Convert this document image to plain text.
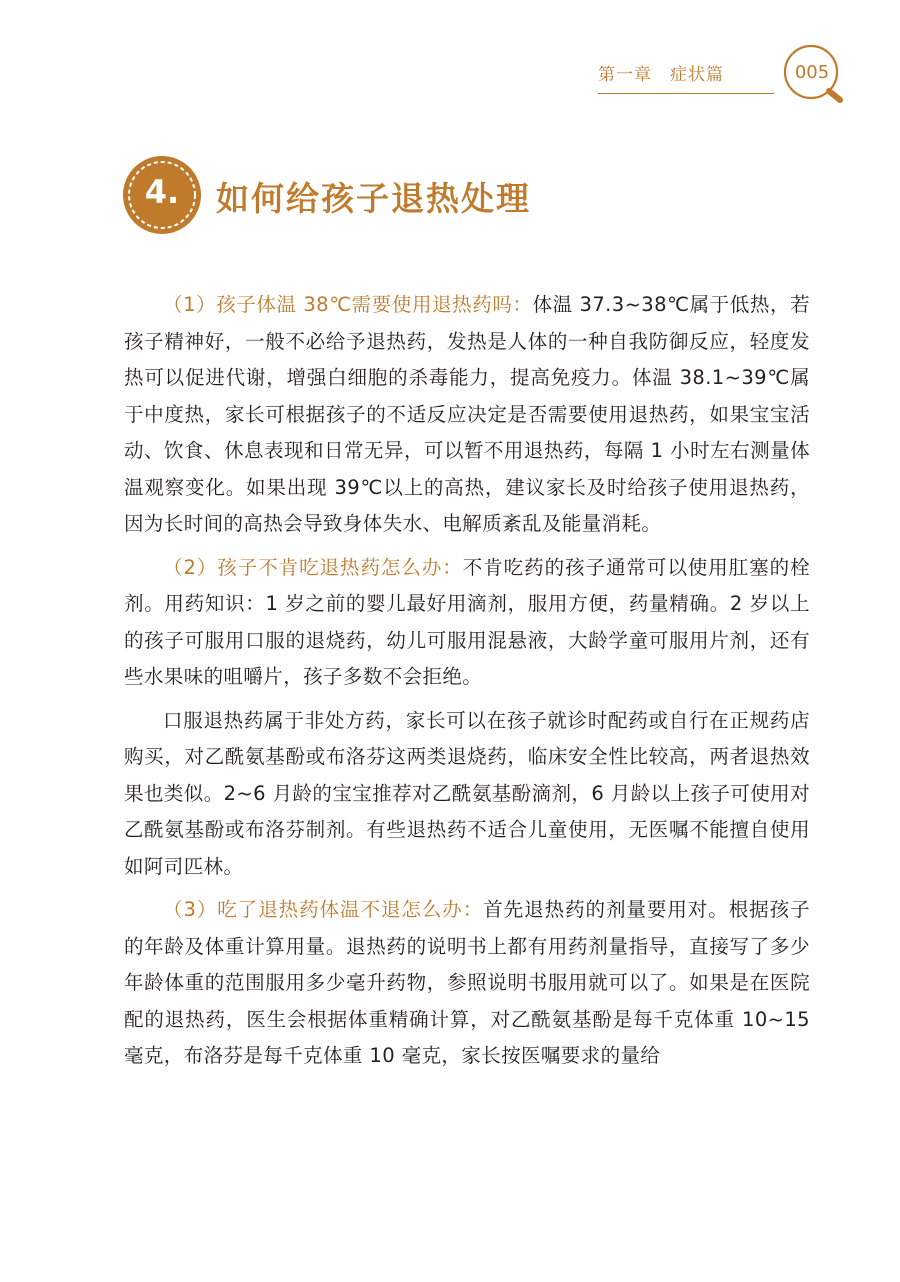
第一章 症状篇	005
4.	如何给孩子退热处理

（1）孩子体温 38℃需要使用退热药吗：体温 37.3~38℃属于低热，若孩子精神好，一般不必给予退热药，发热是人体的一种自我防御反应，轻度发热可以促进代谢，增强白细胞的杀毒能力，提高免疫力。体温 38.1~39℃属于中度热，家长可根据孩子的不适反应决定是否需要使用退热药，如果宝宝活动、饮食、休息表现和日常无异，可以暂不用退热药，每隔 1 小时左右测量体温观察变化。如果出现 39℃以上的高热，建议家长及时给孩子使用退热药，因为长时间的高热会导致身体失水、电解质紊乱及能量消耗。

（2）孩子不肯吃退热药怎么办：不肯吃药的孩子通常可以使用肛塞的栓剂。用药知识：1 岁之前的婴儿最好用滴剂，服用方便，药量精确。2 岁以上的孩子可服用口服的退烧药，幼儿可服用混悬液，大龄学童可服用片剂，还有些水果味的咀嚼片，孩子多数不会拒绝。

口服退热药属于非处方药，家长可以在孩子就诊时配药或自行在正规药店购买，对乙酰氨基酚或布洛芬这两类退烧药，临床安全性比较高，两者退热效果也类似。2~6 月龄的宝宝推荐对乙酰氨基酚滴剂，6 月龄以上孩子可使用对乙酰氨基酚或布洛芬制剂。有些退热药不适合儿童使用，无医嘱不能擅自使用如阿司匹林。

（3）吃了退热药体温不退怎么办：首先退热药的剂量要用对。根据孩子的年龄及体重计算用量。退热药的说明书上都有用药剂量指导，直接写了多少年龄体重的范围服用多少毫升药物，参照说明书服用就可以了。如果是在医院配的退热药，医生会根据体重精确计算，对乙酰氨基酚是每千克体重 10~15 毫克，布洛芬是每千克体重 10 毫克，家长按医嘱要求的量给
